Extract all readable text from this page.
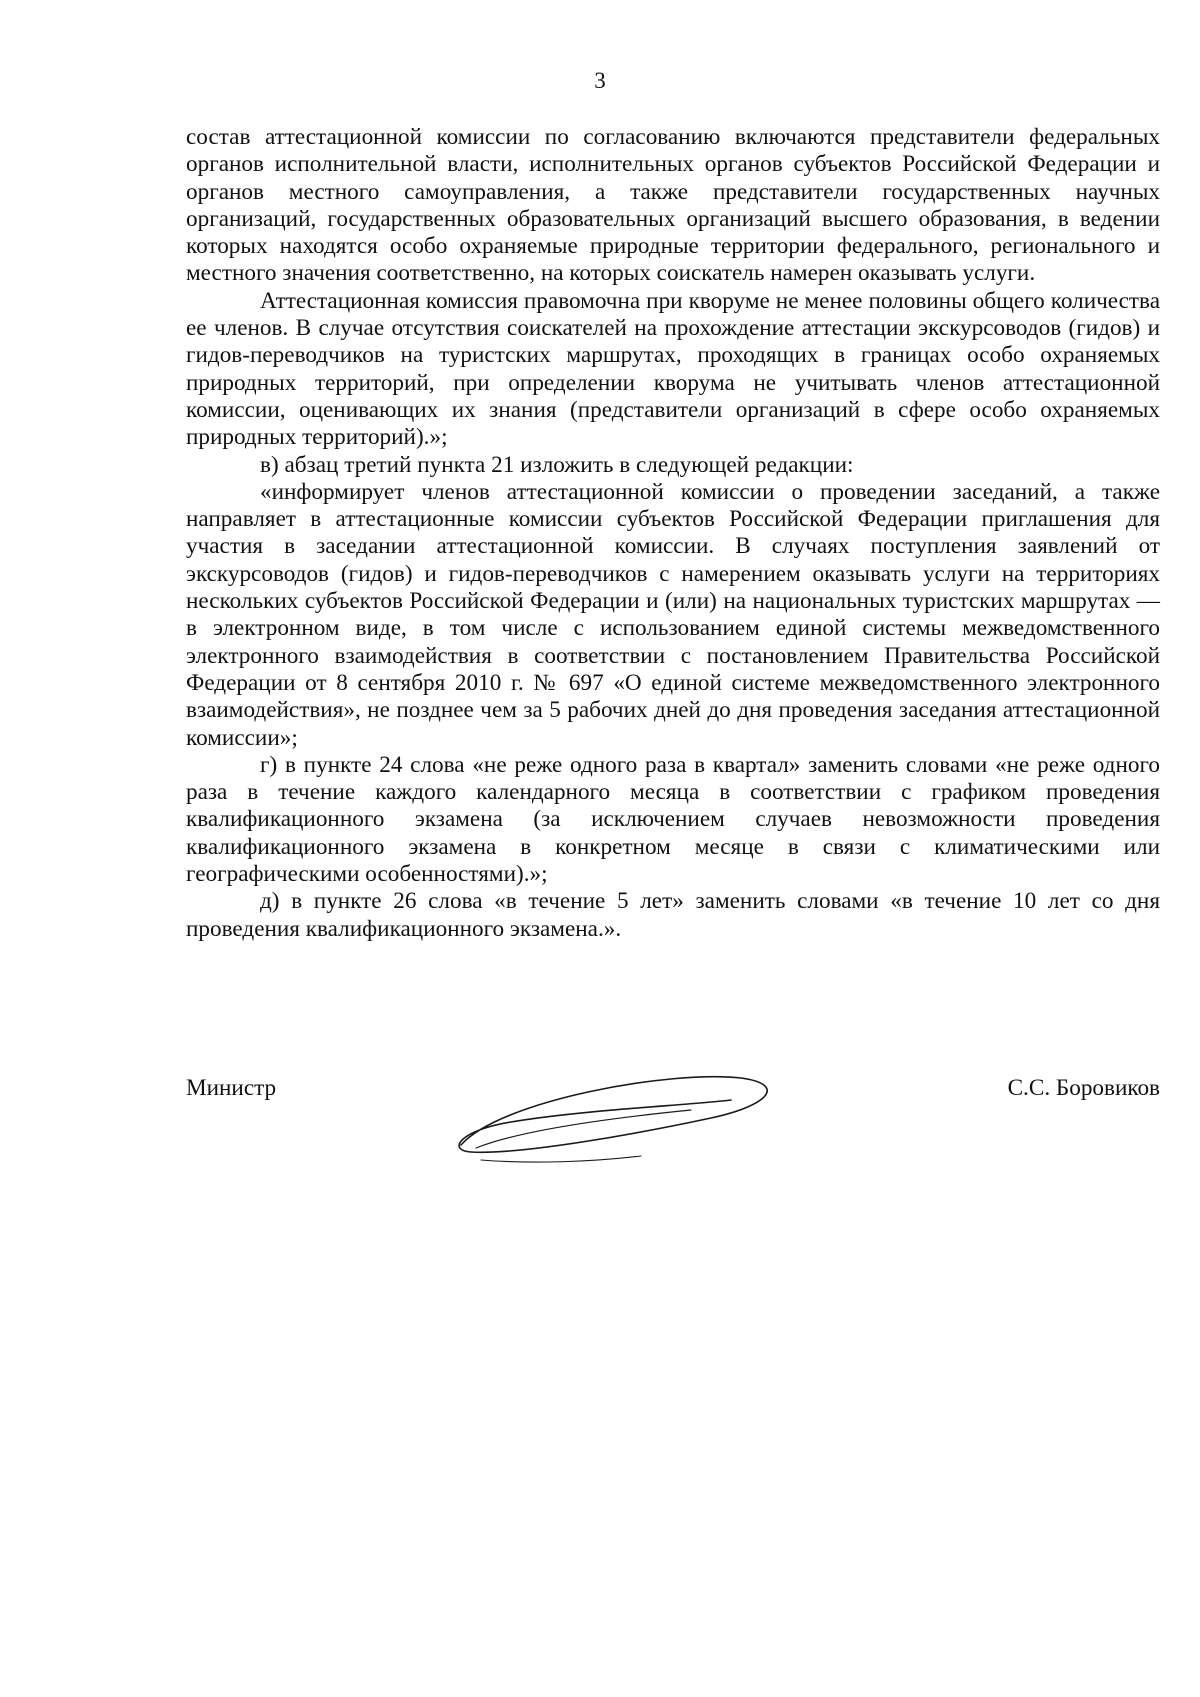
3

состав аттестационной комиссии по согласованию включаются представители федеральных органов исполнительной власти, исполнительных органов субъектов Российской Федерации и органов местного самоуправления, а также представители государственных научных организаций, государственных образовательных организаций высшего образования, в ведении которых находятся особо охраняемые природные территории федерального, регионального и местного значения соответственно, на которых соискатель намерен оказывать услуги.

Аттестационная комиссия правомочна при кворуме не менее половины общего количества ее членов. В случае отсутствия соискателей на прохождение аттестации экскурсоводов (гидов) и гидов-переводчиков на туристских маршрутах, проходящих в границах особо охраняемых природных территорий, при определении кворума не учитывать членов аттестационной комиссии, оценивающих их знания (представители организаций в сфере особо охраняемых природных территорий).»;

в) абзац третий пункта 21 изложить в следующей редакции:

«информирует членов аттестационной комиссии о проведении заседаний, а также направляет в аттестационные комиссии субъектов Российской Федерации приглашения для участия в заседании аттестационной комиссии. В случаях поступления заявлений от экскурсоводов (гидов) и гидов-переводчиков с намерением оказывать услуги на территориях нескольких субъектов Российской Федерации и (или) на национальных туристских маршрутах — в электронном виде, в том числе с использованием единой системы межведомственного электронного взаимодействия в соответствии с постановлением Правительства Российской Федерации от 8 сентября 2010 г. № 697 «О единой системе межведомственного электронного взаимодействия», не позднее чем за 5 рабочих дней до дня проведения заседания аттестационной комиссии»;

г) в пункте 24 слова «не реже одного раза в квартал» заменить словами «не реже одного раза в течение каждого календарного месяца в соответствии с графиком проведения квалификационного экзамена (за исключением случаев невозможности проведения квалификационного экзамена в конкретном месяце в связи с климатическими или географическими особенностями).»;

д) в пункте 26 слова «в течение 5 лет» заменить словами «в течение 10 лет со дня проведения квалификационного экзамена.».

Министр	С.С. Боровиков
